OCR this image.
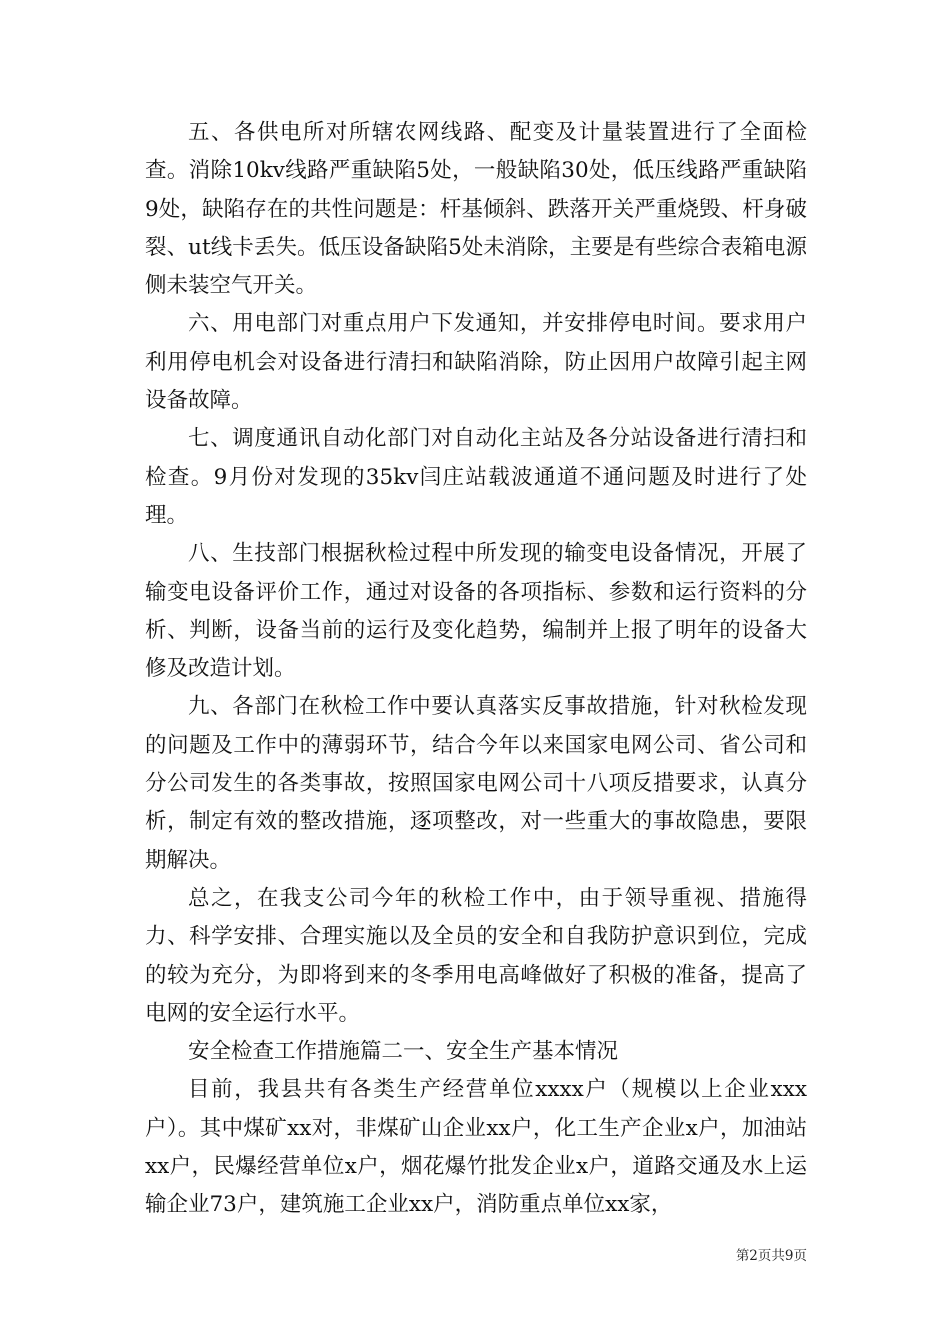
五、各供电所对所辖农网线路、配变及计量装置进行了全面检查。消除10kv线路严重缺陷5处，一般缺陷30处，低压线路严重缺陷9处，缺陷存在的共性问题是：杆基倾斜、跌落开关严重烧毁、杆身破裂、ut线卡丢失。低压设备缺陷5处未消除，主要是有些综合表箱电源侧未装空气开关。

六、用电部门对重点用户下发通知，并安排停电时间。要求用户利用停电机会对设备进行清扫和缺陷消除，防止因用户故障引起主网设备故障。

七、调度通讯自动化部门对自动化主站及各分站设备进行清扫和检查。9月份对发现的35kv闫庄站载波通道不通问题及时进行了处理。

八、生技部门根据秋检过程中所发现的输变电设备情况，开展了输变电设备评价工作，通过对设备的各项指标、参数和运行资料的分析、判断，设备当前的运行及变化趋势，编制并上报了明年的设备大修及改造计划。

九、各部门在秋检工作中要认真落实反事故措施，针对秋检发现的问题及工作中的薄弱环节，结合今年以来国家电网公司、省公司和分公司发生的各类事故，按照国家电网公司十八项反措要求，认真分析，制定有效的整改措施，逐项整改，对一些重大的事故隐患，要限期解决。

总之，在我支公司今年的秋检工作中，由于领导重视、措施得力、科学安排、合理实施以及全员的安全和自我防护意识到位，完成的较为充分，为即将到来的冬季用电高峰做好了积极的准备，提高了电网的安全运行水平。

安全检查工作措施篇二一、安全生产基本情况

目前，我县共有各类生产经营单位xxxx户（规模以上企业xxx户）。其中煤矿xx对，非煤矿山企业xx户，化工生产企业x户，加油站xx户，民爆经营单位x户，烟花爆竹批发企业x户，道路交通及水上运输企业73户，建筑施工企业xx户，消防重点单位xx家，

第2页共9页
